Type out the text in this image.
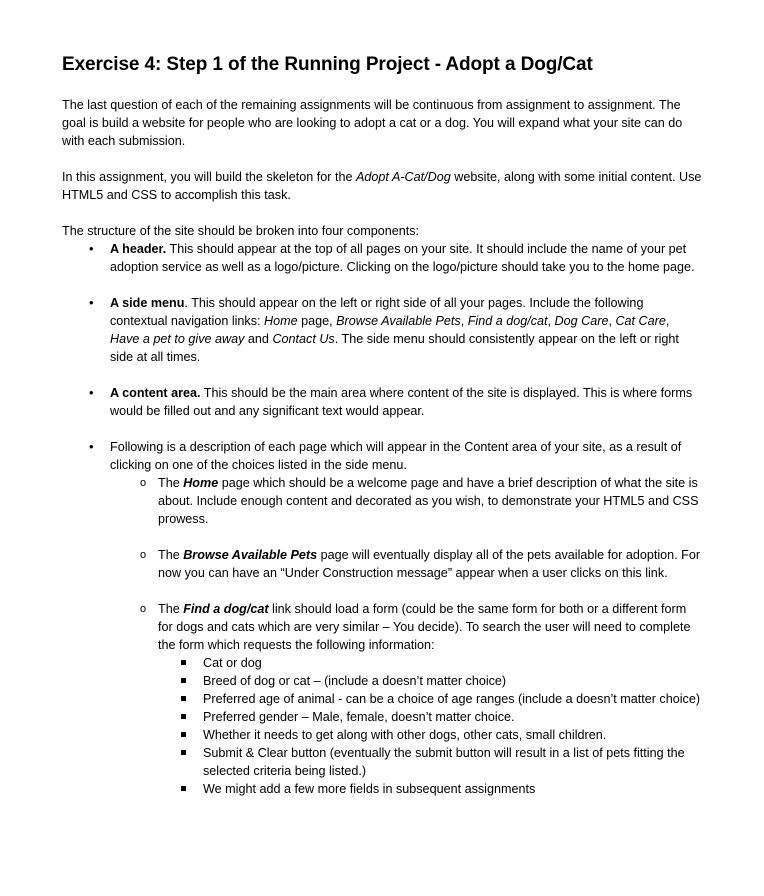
Exercise 4: Step 1 of the Running Project - Adopt a Dog/Cat

The last question of each of the remaining assignments will be continuous from assignment to assignment. The goal is build a website for people who are looking to adopt a cat or a dog. You will expand what your site can do with each submission.

In this assignment, you will build the skeleton for the Adopt A-Cat/Dog website, along with some initial content. Use HTML5 and CSS to accomplish this task.

The structure of the site should be broken into four components:

• A header. This should appear at the top of all pages on your site. It should include the name of your pet adoption service as well as a logo/picture. Clicking on the logo/picture should take you to the home page.
• A side menu. This should appear on the left or right side of all your pages. Include the following contextual navigation links: Home page, Browse Available Pets, Find a dog/cat, Dog Care, Cat Care, Have a pet to give away and Contact Us. The side menu should consistently appear on the left or right side at all times.
• A content area. This should be the main area where content of the site is displayed. This is where forms would be filled out and any significant text would appear.
• Following is a description of each page which will appear in the Content area of your site, as a result of clicking on one of the choices listed in the side menu.
o The Home page which should be a welcome page and have a brief description of what the site is about. Include enough content and decorated as you wish, to demonstrate your HTML5 and CSS prowess.
o The Browse Available Pets page will eventually display all of the pets available for adoption. For now you can have an “Under Construction message” appear when a user clicks on this link.
o The Find a dog/cat link should load a form (could be the same form for both or a different form for dogs and cats which are very similar – You decide). To search the user will need to complete the form which requests the following information:
Cat or dog
Breed of dog or cat – (include a doesn’t matter choice)
Preferred age of animal - can be a choice of age ranges (include a doesn’t matter choice)
Preferred gender – Male, female, doesn’t matter choice.
Whether it needs to get along with other dogs, other cats, small children.
Submit & Clear button (eventually the submit button will result in a list of pets fitting the selected criteria being listed.)
We might add a few more fields in subsequent assignments
